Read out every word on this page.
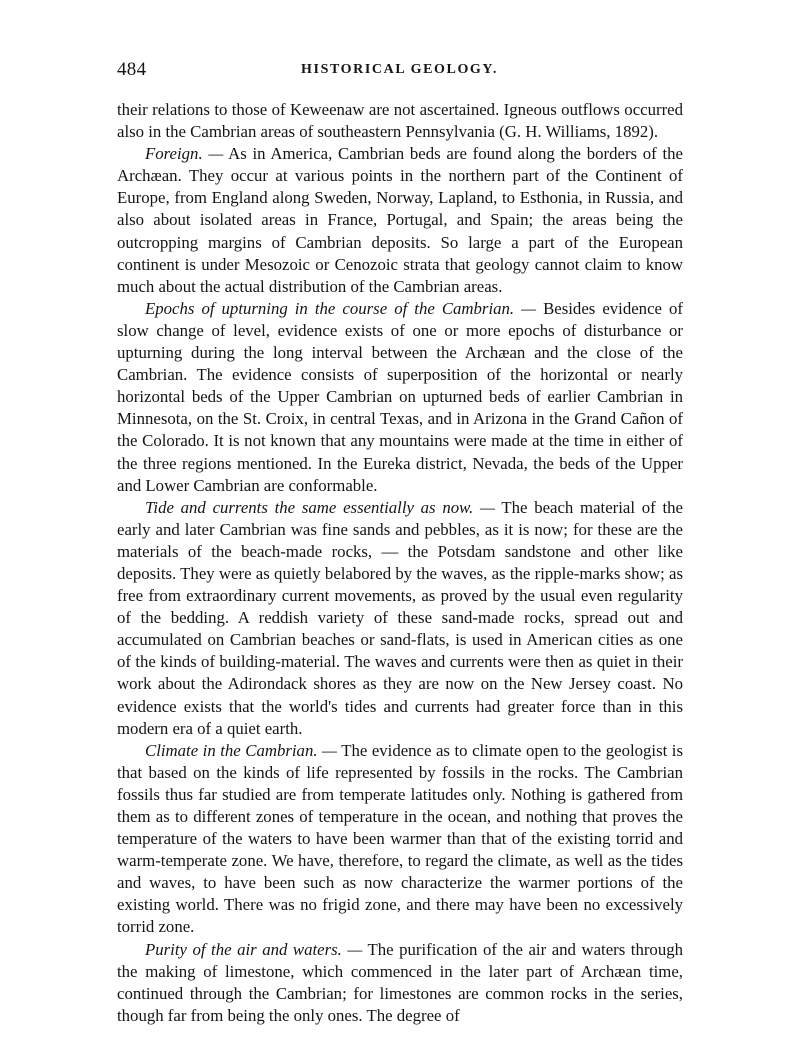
484	HISTORICAL GEOLOGY.

their relations to those of Keweenaw are not ascertained. Igneous outflows occurred also in the Cambrian areas of southeastern Pennsylvania (G. H. Williams, 1892).

Foreign. — As in America, Cambrian beds are found along the borders of the Archæan. They occur at various points in the northern part of the Continent of Europe, from England along Sweden, Norway, Lapland, to Esthonia, in Russia, and also about isolated areas in France, Portugal, and Spain; the areas being the outcropping margins of Cambrian deposits. So large a part of the European continent is under Mesozoic or Cenozoic strata that geology cannot claim to know much about the actual distribution of the Cambrian areas.

Epochs of upturning in the course of the Cambrian. — Besides evidence of slow change of level, evidence exists of one or more epochs of disturbance or upturning during the long interval between the Archæan and the close of the Cambrian. The evidence consists of superposition of the horizontal or nearly horizontal beds of the Upper Cambrian on upturned beds of earlier Cambrian in Minnesota, on the St. Croix, in central Texas, and in Arizona in the Grand Cañon of the Colorado. It is not known that any mountains were made at the time in either of the three regions mentioned. In the Eureka district, Nevada, the beds of the Upper and Lower Cambrian are conformable.

Tide and currents the same essentially as now. — The beach material of the early and later Cambrian was fine sands and pebbles, as it is now; for these are the materials of the beach-made rocks, — the Potsdam sandstone and other like deposits. They were as quietly belabored by the waves, as the ripple-marks show; as free from extraordinary current movements, as proved by the usual even regularity of the bedding. A reddish variety of these sand-made rocks, spread out and accumulated on Cambrian beaches or sand-flats, is used in American cities as one of the kinds of building-material. The waves and currents were then as quiet in their work about the Adirondack shores as they are now on the New Jersey coast. No evidence exists that the world's tides and currents had greater force than in this modern era of a quiet earth.

Climate in the Cambrian. — The evidence as to climate open to the geologist is that based on the kinds of life represented by fossils in the rocks. The Cambrian fossils thus far studied are from temperate latitudes only. Nothing is gathered from them as to different zones of temperature in the ocean, and nothing that proves the temperature of the waters to have been warmer than that of the existing torrid and warm-temperate zone. We have, therefore, to regard the climate, as well as the tides and waves, to have been such as now characterize the warmer portions of the existing world. There was no frigid zone, and there may have been no excessively torrid zone.

Purity of the air and waters. — The purification of the air and waters through the making of limestone, which commenced in the later part of Archæan time, continued through the Cambrian; for limestones are common rocks in the series, though far from being the only ones. The degree of
